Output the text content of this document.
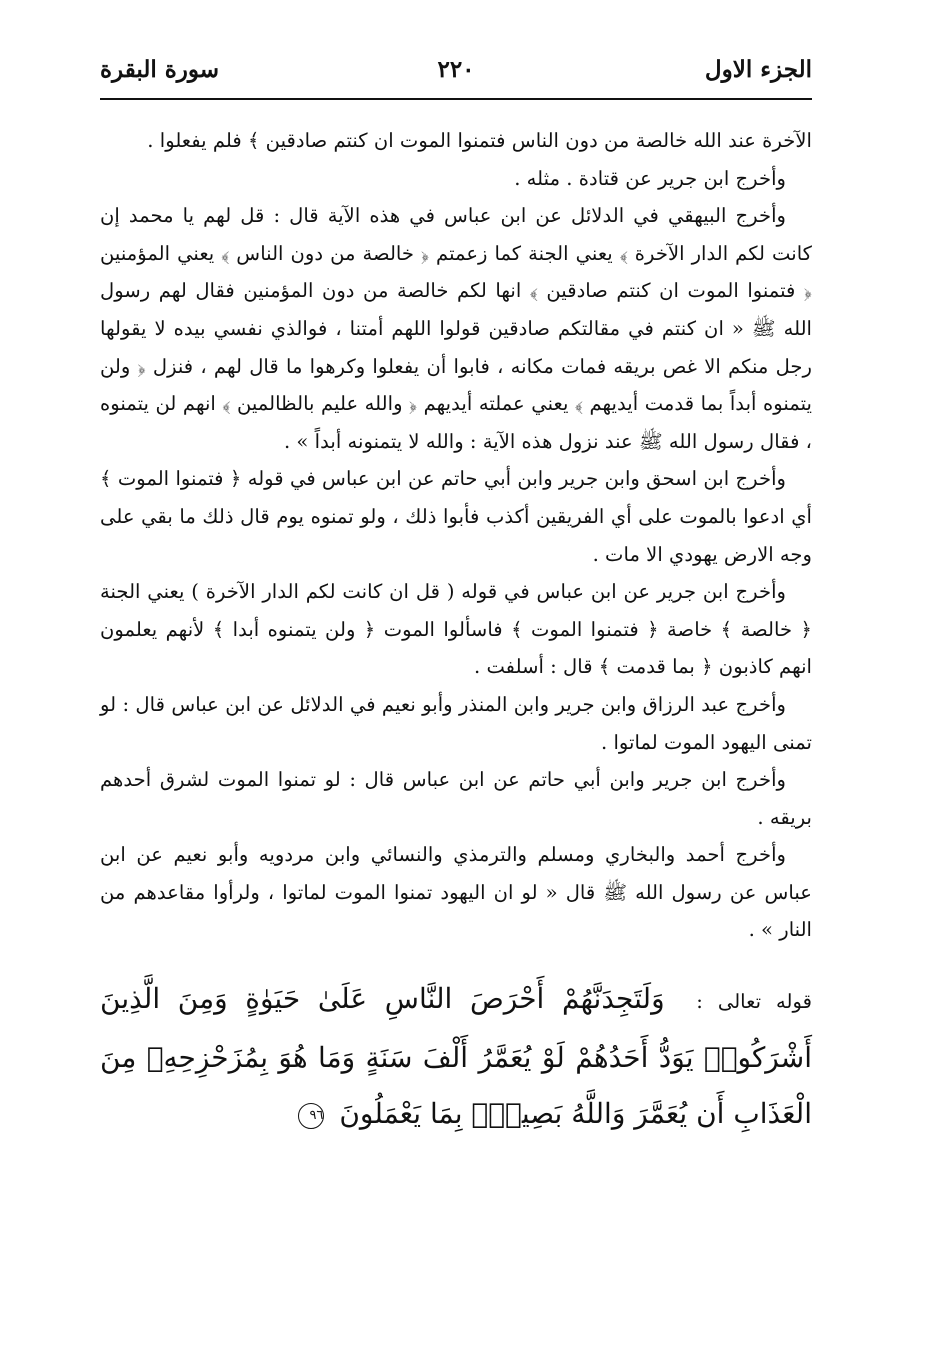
الجزء الاول
٢٢٠
سورة البقرة

الآخرة عند الله خالصة من دون الناس فتمنوا الموت ان كنتم صادقين ﴾ فلم يفعلوا .

وأخرج ابن جرير عن قتادة . مثله .

وأخرج البيهقي في الدلائل عن ابن عباس في هذه الآية قال : قل لهم يا محمد إن كانت لكم الدار الآخرة ﴾ يعني الجنة كما زعمتم ﴿ خالصة من دون الناس ﴾ يعني المؤمنين ﴿ فتمنوا الموت ان كنتم صادقين ﴾ انها لكم خالصة من دون المؤمنين فقال لهم رسول الله ﷺ « ان كنتم في مقالتكم صادقين قولوا اللهم أمتنا ، فوالذي نفسي بيده لا يقولها رجل منكم الا غص بريقه فمات مكانه ، فابوا أن يفعلوا وكرهوا ما قال لهم ، فنزل ﴿ ولن يتمنوه أبداً بما قدمت أيديهم ﴾ يعني عملته أيديهم ﴿ والله عليم بالظالمين ﴾ انهم لن يتمنوه ، فقال رسول الله ﷺ عند نزول هذه الآية : والله لا يتمنونه أبداً » .

وأخرج ابن اسحق وابن جرير وابن أبي حاتم عن ابن عباس في قوله ﴿ فتمنوا الموت ﴾ أي ادعوا بالموت على أي الفريقين أكذب فأبوا ذلك ، ولو تمنوه يوم قال ذلك ما بقي على وجه الارض يهودي الا مات .

وأخرج ابن جرير عن ابن عباس في قوله ( قل ان كانت لكم الدار الآخرة ) يعني الجنة ﴿ خالصة ﴾ خاصة ﴿ فتمنوا الموت ﴾ فاسألوا الموت ﴿ ولن يتمنوه أبدا ﴾ لأنهم يعلمون انهم كاذبون ﴿ بما قدمت ﴾ قال : أسلفت .

وأخرج عبد الرزاق وابن جرير وابن المنذر وأبو نعيم في الدلائل عن ابن عباس قال : لو تمنى اليهود الموت لماتوا .

وأخرج ابن جرير وابن أبي حاتم عن ابن عباس قال : لو تمنوا الموت لشرق أحدهم بريقه .

وأخرج أحمد والبخاري ومسلم والترمذي والنسائي وابن مردويه وأبو نعيم عن ابن عباس عن رسول الله ﷺ قال « لو ان اليهود تمنوا الموت لماتوا ، ولرأوا مقاعدهم من النار » .

قوله تعالى : وَلَتَجِدَنَّهُمْ أَحْرَصَ النَّاسِ عَلَىٰ حَيَوٰةٍ وَمِنَ الَّذِينَ أَشْرَكُوا۟ يَوَدُّ أَحَدُهُمْ لَوْ يُعَمَّرُ أَلْفَ سَنَةٍ وَمَا هُوَ بِمُزَحْزِحِهِۦ مِنَ الْعَذَابِ أَن يُعَمَّرَ وَاللَّهُ بَصِيرٌۢ بِمَا يَعْمَلُونَ ٩٦
